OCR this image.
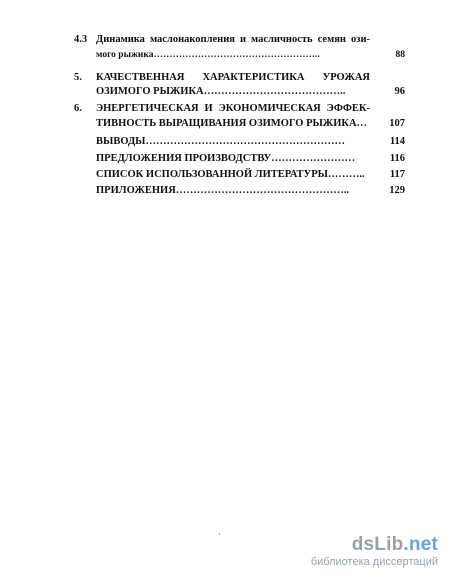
4.3 Динамика маслонакопления и масличность семян ози-
мого рыжика……………………………………………..	88
5. КАЧЕСТВЕННАЯ ХАРАКТЕРИСТИКА УРОЖАЯ
ОЗИМОГО РЫЖИКА…………………………………..	96
6. ЭНЕРГЕТИЧЕСКАЯ И ЭКОНОМИЧЕСКАЯ ЭФФЕК-
ТИВНОСТЬ ВЫРАЩИВАНИЯ ОЗИМОГО РЫЖИКА… 107
ВЫВОДЫ…………………………………………………	114
ПРЕДЛОЖЕНИЯ ПРОИЗВОДСТВУ……………………	116
СПИСОК ИСПОЛЬЗОВАННОЙ ЛИТЕРАТУРЫ……….. 117
ПРИЛОЖЕНИЯ…………………………………………..	129
·	dsLib.net
библиотека диссертаций
